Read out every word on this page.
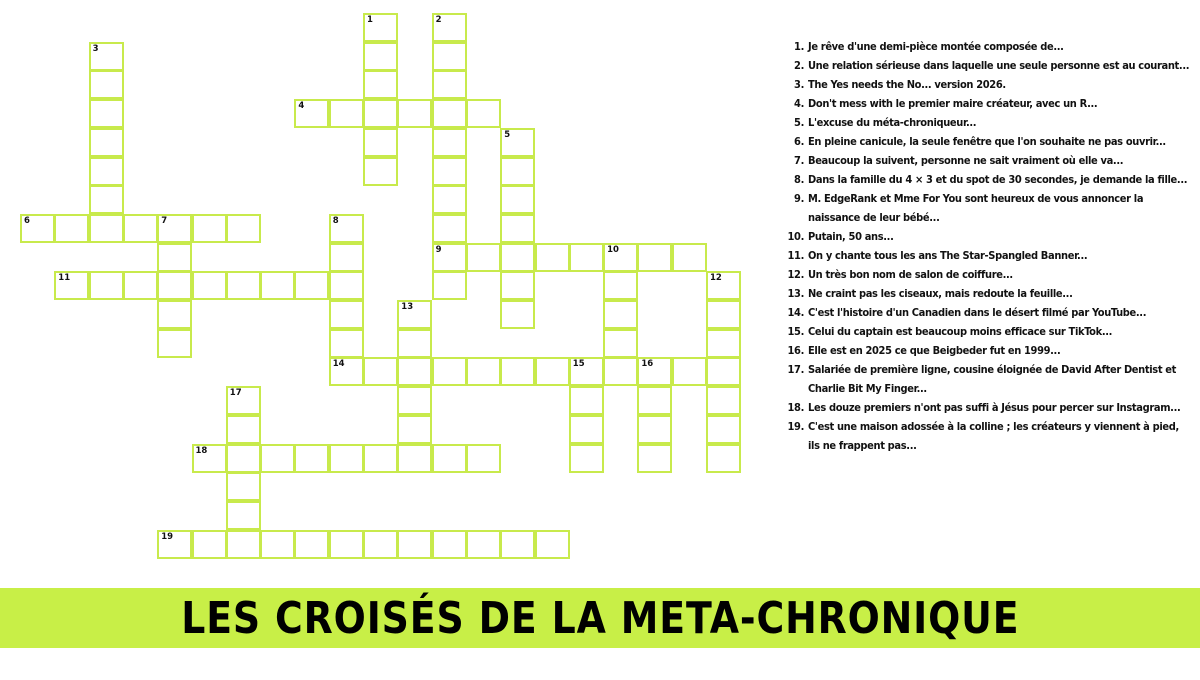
1	2
9
3
4
5
6	7	8
10
11	12
13
14	15	16
17
18
19
1. Je rêve d'une demi-pièce montée composée de...
2. Une relation sérieuse dans laquelle une seule personne est au courant...
3. The Yes needs the No... version 2026.
4. Don't mess with le premier maire créateur, avec un R...
5. L'excuse du méta-chroniqueur...
6. En pleine canicule, la seule fenêtre que l'on souhaite ne pas ouvrir...
7. Beaucoup la suivent, personne ne sait vraiment où elle va...
8. Dans la famille du 4 × 3 et du spot de 30 secondes, je demande la fille...
9. M. EdgeRank et Mme For You sont heureux de vous annoncer la naissance de leur bébé...
10. Putain, 50 ans...
11. On y chante tous les ans The Star-Spangled Banner...
12. Un très bon nom de salon de coiffure...
13. Ne craint pas les ciseaux, mais redoute la feuille...
14. C'est l'histoire d'un Canadien dans le désert filmé par YouTube...
15. Celui du captain est beaucoup moins efficace sur TikTok...
16. Elle est en 2025 ce que Beigbeder fut en 1999...
17. Salariée de première ligne, cousine éloignée de David After Dentist et Charlie Bit My Finger...
18. Les douze premiers n'ont pas suffi à Jésus pour percer sur Instagram...
19. C'est une maison adossée à la colline ; les créateurs y viennent à pied, ils ne frappent pas...
LES CROISÉS DE LA META-CHRONIQUE
